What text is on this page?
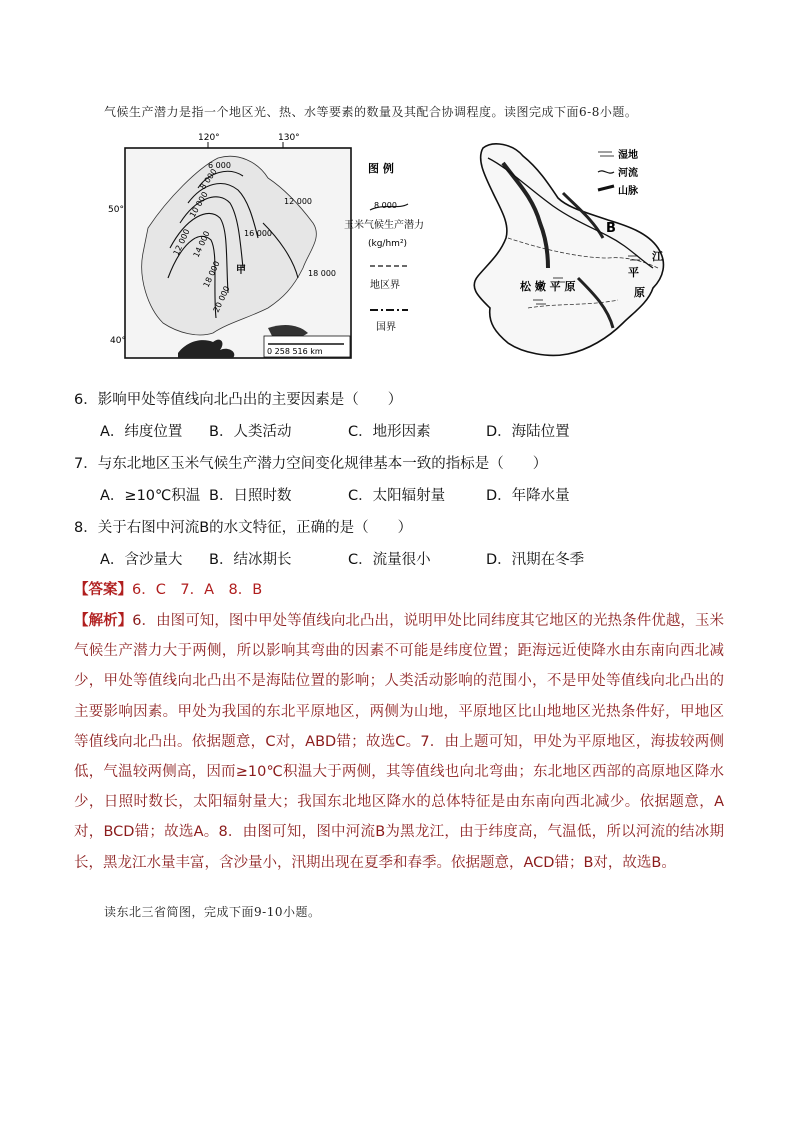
气候生产潜力是指一个地区光、热、水等要素的数量及其配合协调程度。读图完成下面6-8小题。
120°	130°
50°
40°
6 000
8 000
10 000
12 000	16 000
12 000
14 000
18 000
20 000
18 000
甲
0 258 516 km
图 例
8 000
玉米气候生产潜力
(kg/hm²)
地区界
国界
B
松 嫩 平 原
江
平
原
湿地
河流
山脉
6．影响甲处等值线向北凸出的主要因素是（　　）
A．纬度位置 B．人类活动	C．地形因素	D．海陆位置
7．与东北地区玉米气候生产潜力空间变化规律基本一致的指标是（　　）
A．≥10℃积温 B．日照时数	C．太阳辐射量	D．年降水量
8．关于右图中河流B的水文特征，正确的是（　　）
A．含沙量大 B．结冰期长	C．流量很小	D．汛期在冬季
【答案】6．C　7．A　8．B
【解析】6．由图可知，图中甲处等值线向北凸出，说明甲处比同纬度其它地区的光热条件优越，玉米气候生产潜力大于两侧，所以影响其弯曲的因素不可能是纬度位置；距海远近使降水由东南向西北减少，甲处等值线向北凸出不是海陆位置的影响；人类活动影响的范围小，不是甲处等值线向北凸出的主要影响因素。甲处为我国的东北平原地区，两侧为山地，平原地区比山地地区光热条件好，甲地区等值线向北凸出。依据题意，C对，ABD错；故选C。7．由上题可知，甲处为平原地区，海拔较两侧低，气温较两侧高，因而≥10℃积温大于两侧，其等值线也向北弯曲；东北地区西部的高原地区降水少，日照时数长，太阳辐射量大；我国东北地区降水的总体特征是由东南向西北减少。依据题意，A对，BCD错；故选A。8．由图可知，图中河流B为黑龙江，由于纬度高，气温低，所以河流的结冰期长，黑龙江水量丰富，含沙量小，汛期出现在夏季和春季。依据题意，ACD错；B对，故选B。
读东北三省简图，完成下面9-10小题。
